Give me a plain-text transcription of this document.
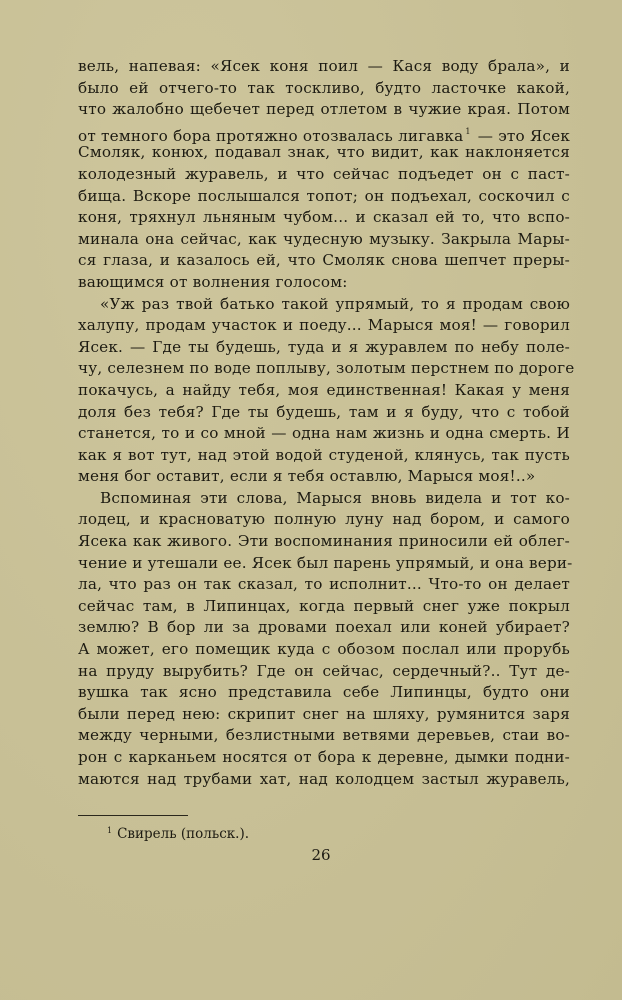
вель, напевая: «Ясек коня поил — Кася воду брала», и
было ей отчего-то так тоскливо, будто ласточке какой,
что жалобно щебечет перед отлетом в чужие края. Потом
от темного бора протяжно отозвалась лигавка $^1$ — это Ясек
Смоляк, конюх, подавал знак, что видит, как наклоняется
колодезный журавель, и что сейчас подъедет он с паст-
бища. Вскоре послышался топот; он подъехал, соскочил с
коня, тряхнул льняным чубом... и сказал ей то, что вспо-
минала она сейчас, как чудесную музыку. Закрыла Мары-
ся глаза, и казалось ей, что Смоляк снова шепчет преры-
вающимся от волнения голосом:
«Уж раз твой батько такой упрямый, то я продам свою
халупу, продам участок и поеду... Марыся моя! — говорил
Ясек. — Где ты будешь, туда и я журавлем по небу поле-
чу, селезнем по воде поплыву, золотым перстнем по дороге
покачусь, а найду тебя, моя единственная! Какая у меня
доля без тебя? Где ты будешь, там и я буду, что с тобой
станется, то и со мной — одна нам жизнь и одна смерть. И
как я вот тут, над этой водой студеной, клянусь, так пусть
меня бог оставит, если я тебя оставлю, Марыся моя!..»
Вспоминая эти слова, Марыся вновь видела и тот ко-
лодец, и красноватую полную луну над бором, и самого
Ясека как живого. Эти воспоминания приносили ей облег-
чение и утешали ее. Ясек был парень упрямый, и она вери-
ла, что раз он так сказал, то исполнит... Что-то он делает
сейчас там, в Липинцах, когда первый снег уже покрыл
землю? В бор ли за дровами поехал или коней убирает?
А может, его помещик куда с обозом послал или прорубь
на пруду вырубить? Где он сейчас, сердечный?.. Тут де-
вушка так ясно представила себе Липинцы, будто они
были перед нею: скрипит снег на шляху, румянится заря
между черными, безлистными ветвями деревьев, стаи во-
рон с карканьем носятся от бора к деревне, дымки подни-
маются над трубами хат, над колодцем застыл журавель,
$^1$ Свирель (польск.).
26
